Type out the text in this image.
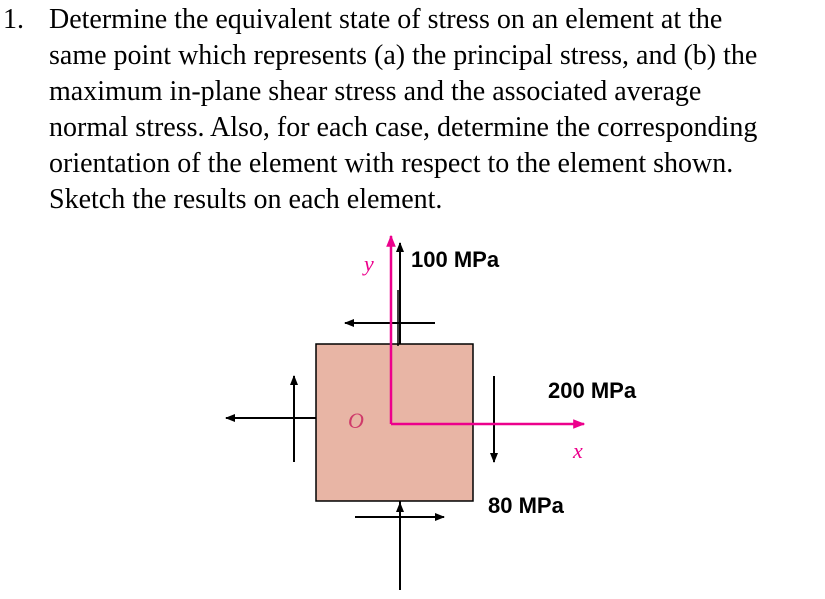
1. Determine the equivalent state of stress on an element at the
same point which represents (a) the principal stress, and (b) the
maximum in-plane shear stress and the associated average
normal stress. Also, for each case, determine the corresponding
orientation of the element with respect to the element shown.
Sketch the results on each element.

100 MPa
200 MPa
80 MPa
y
x
O
